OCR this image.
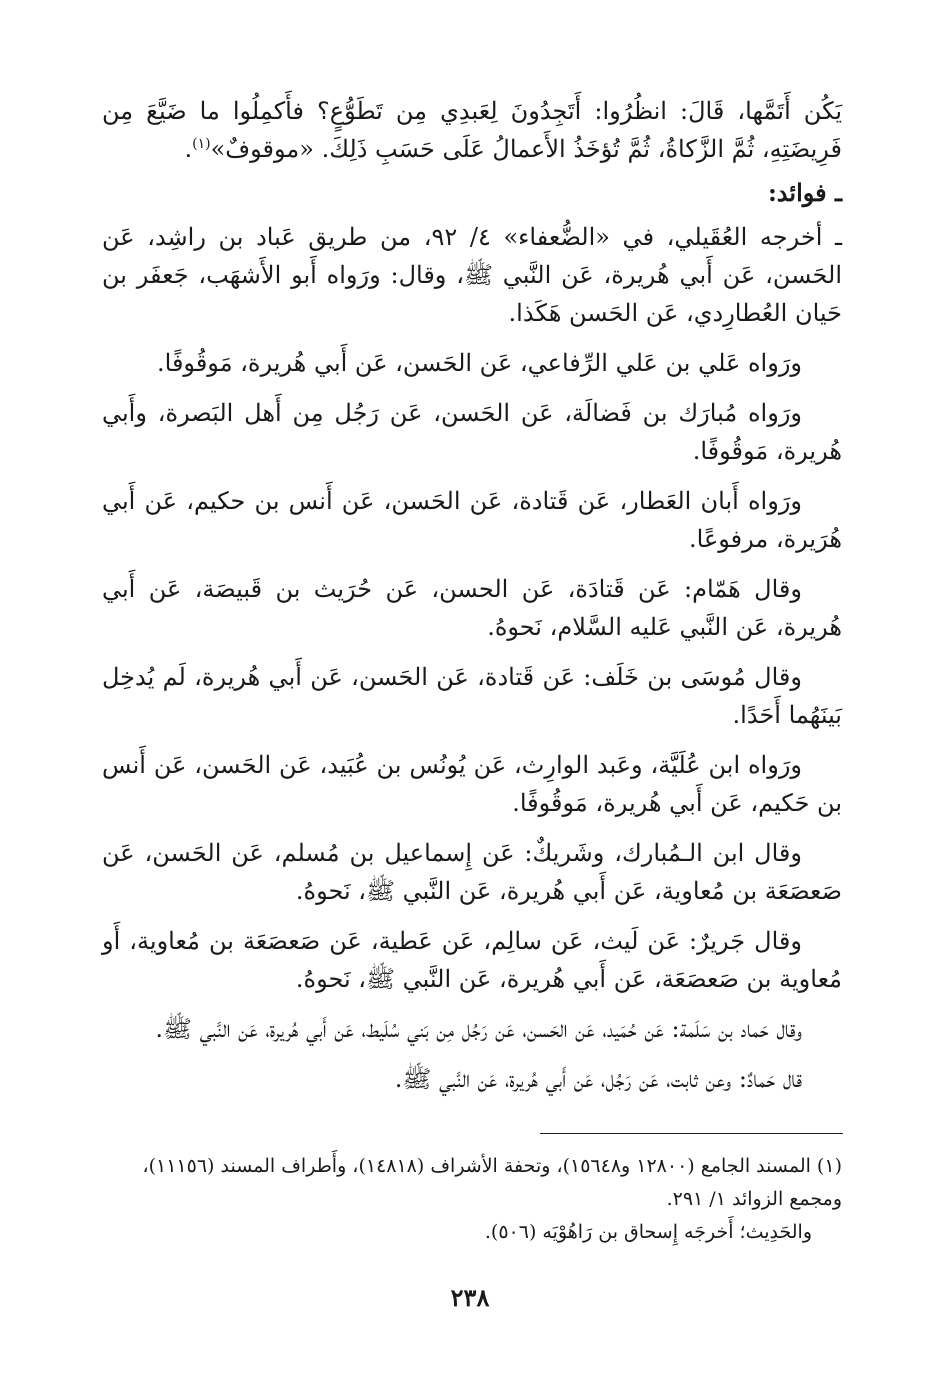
يَكُن أَتَمَّها، قَالَ: انظُرُوا: أَتَجِدُونَ لِعَبدِي مِن تَطَوُّعٍ؟ فأَكمِلُوا ما ضَيَّعَ مِن فَرِيضَتِهِ، ثُمَّ الزَّكاةُ، ثُمَّ تُؤخَذُ الأَعمالُ عَلَى حَسَبِ ذَلِكَ. «موقوفٌ»$^{(١)}$.

ـ فوائد:

ـ أخرجه العُقَيلي، في «الضُّعفاء» ٤/ ٩٢، من طريق عَباد بن راشِد، عَن الحَسن، عَن أَبي هُريرة، عَن النَّبي ﷺ، وقال: ورَواه أَبو الأَشهَب، جَعفَر بن حَيان العُطارِدي، عَن الحَسن هَكَذا.

ورَواه عَلي بن عَلي الرِّفاعي، عَن الحَسن، عَن أَبي هُريرة، مَوقُوفًا.

ورَواه مُبارَك بن فَضالَة، عَن الحَسن، عَن رَجُل مِن أَهل البَصرة، وأَبي هُريرة، مَوقُوفًا.

ورَواه أَبان العَطار، عَن قَتادة، عَن الحَسن، عَن أَنس بن حكيم، عَن أَبي هُرَيرة، مرفوعًا.

وقال هَمّام: عَن قَتادَة، عَن الحسن، عَن حُرَيث بن قَبيصَة، عَن أَبي هُريرة، عَن النَّبي عَليه السَّلام، نَحوهُ.

وقال مُوسَى بن خَلَف: عَن قَتادة، عَن الحَسن، عَن أَبي هُريرة، لَم يُدخِل بَينَهُما أَحَدًا.

ورَواه ابن عُلَيَّة، وعَبد الوارِث، عَن يُونُس بن عُبَيد، عَن الحَسن، عَن أَنس بن حَكيم، عَن أَبي هُريرة، مَوقُوفًا.

وقال ابن الـمُبارك، وشَريكٌ: عَن إِسماعيل بن مُسلم، عَن الحَسن، عَن صَعصَعَة بن مُعاوية، عَن أَبي هُريرة، عَن النَّبي ﷺ، نَحوهُ.

وقال جَريرٌ: عَن لَيث، عَن سالِم، عَن عَطية، عَن صَعصَعَة بن مُعاوية، أَو مُعاوية بن صَعصَعَة، عَن أَبي هُريرة، عَن النَّبي ﷺ، نَحوهُ.

وقال حَماد بن سَلَمة: عَن حُمَيد، عَن الحَسن، عَن رَجُل مِن بَني سُلَيط، عَن أَبي هُريرة، عَن النَّبي ﷺ.

قال حَمادٌ: وعن ثابت، عَن رَجُل، عَن أَبي هُريرة، عَن النَّبي ﷺ.

(١) المسند الجامع (١٢٨٠٠ و١٥٦٤٨)، وتحفة الأشراف (١٤٨١٨)، وأَطراف المسند (١١١٥٦)، ومجمع الزوائد ١/ ٢٩١.

والحَدِيث؛ أَخرجَه إِسحاق بن رَاهُوْيَه (٥٠٦).

٢٣٨
